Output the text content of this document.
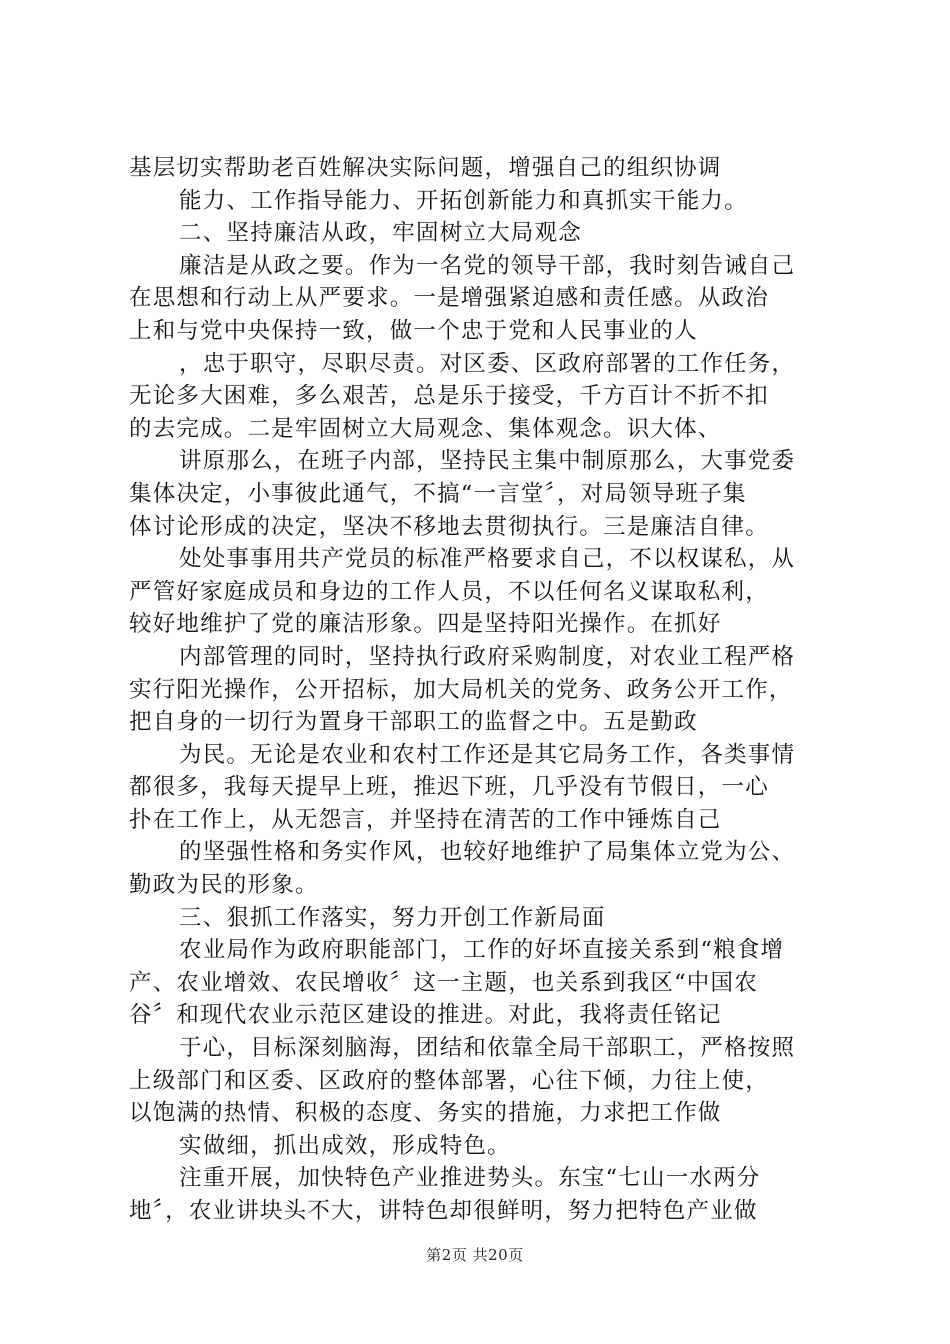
基层切实帮助老百姓解决实际问题，增强自己的组织协调
能力、工作指导能力、开拓创新能力和真抓实干能力。
二、坚持廉洁从政，牢固树立大局观念
廉洁是从政之要。作为一名党的领导干部，我时刻告诫自己
在思想和行动上从严要求。一是增强紧迫感和责任感。从政治
上和与党中央保持一致，做一个忠于党和人民事业的人
，忠于职守，尽职尽责。对区委、区政府部署的工作任务，
无论多大困难，多么艰苦，总是乐于接受，千方百计不折不扣
的去完成。二是牢固树立大局观念、集体观念。识大体、
讲原那么，在班子内部，坚持民主集中制原那么，大事党委
集体决定，小事彼此通气，不搞“一言堂〞，对局领导班子集
体讨论形成的决定，坚决不移地去贯彻执行。三是廉洁自律。
处处事事用共产党员的标准严格要求自己，不以权谋私，从
严管好家庭成员和身边的工作人员，不以任何名义谋取私利，
较好地维护了党的廉洁形象。四是坚持阳光操作。在抓好
内部管理的同时，坚持执行政府采购制度，对农业工程严格
实行阳光操作，公开招标，加大局机关的党务、政务公开工作，
把自身的一切行为置身干部职工的监督之中。五是勤政
为民。无论是农业和农村工作还是其它局务工作，各类事情
都很多，我每天提早上班，推迟下班，几乎没有节假日，一心
扑在工作上，从无怨言，并坚持在清苦的工作中锤炼自己
的坚强性格和务实作风，也较好地维护了局集体立党为公、
勤政为民的形象。
三、狠抓工作落实，努力开创工作新局面
农业局作为政府职能部门，工作的好坏直接关系到“粮食增
产、农业增效、农民增收〞这一主题，也关系到我区“中国农
谷〞和现代农业示范区建设的推进。对此，我将责任铭记
于心，目标深刻脑海，团结和依靠全局干部职工，严格按照
上级部门和区委、区政府的整体部署，心往下倾，力往上使，
以饱满的热情、积极的态度、务实的措施，力求把工作做
实做细，抓出成效，形成特色。
注重开展，加快特色产业推进势头。东宝“七山一水两分
地〞，农业讲块头不大，讲特色却很鲜明，努力把特色产业做
第2页 共20页
